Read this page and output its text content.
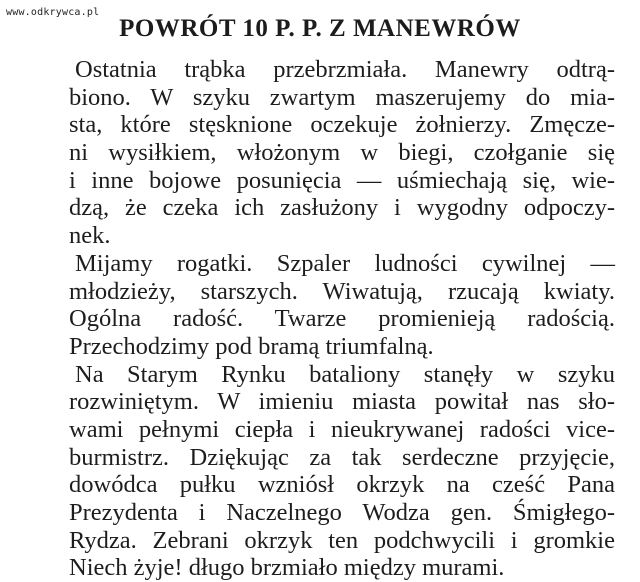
www.odkrywca.pl
POWRÓT 10 P. P. Z MANEWRÓW
Ostatnia trąbka przebrzmiała. Manewry odtrą-
biono. W szyku zwartym maszerujemy do mia-
sta, które stęsknione oczekuje żołnierzy. Zmęcze-
ni wysiłkiem, włożonym w biegi, czołganie się
i inne bojowe posunięcia — uśmiechają się, wie-
dzą, że czeka ich zasłużony i wygodny odpoczy-
nek.
Mijamy rogatki. Szpaler ludności cywilnej —
młodzieży, starszych. Wiwatują, rzucają kwiaty.
Ogólna radość. Twarze promienieją radością.
Przechodzimy pod bramą triumfalną.
Na Starym Rynku bataliony stanęły w szyku
rozwiniętym. W imieniu miasta powitał nas sło-
wami pełnymi ciepła i nieukrywanej radości vice-
burmistrz. Dziękując za tak serdeczne przyjęcie,
dowódca pułku wzniósł okrzyk na cześć Pana
Prezydenta i Naczelnego Wodza gen. Śmigłego-
Rydza. Zebrani okrzyk ten podchwycili i gromkie
Niech żyje! długo brzmiało między murami.
